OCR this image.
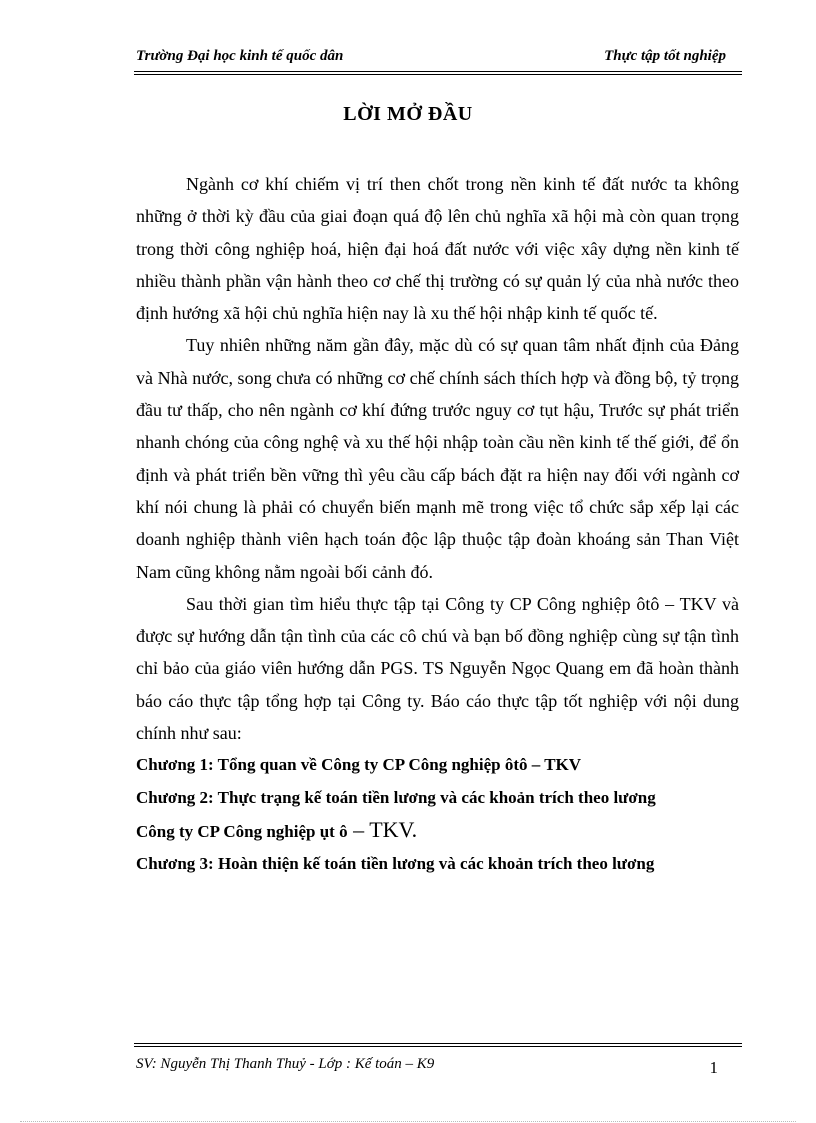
Trường Đại học kinh tế quốc dân	Thực tập tốt nghiệp
LỜI MỞ ĐẦU

Ngành cơ khí chiếm vị trí then chốt trong nền kinh tế đất nước ta không những ở thời kỳ đầu của giai đoạn quá độ lên chủ nghĩa xã hội mà còn quan trọng trong thời công nghiệp hoá, hiện đại hoá đất nước với việc xây dựng nền kinh tế nhiều thành phần vận hành theo cơ chế thị trường có sự quản lý của nhà nước theo định hướng xã hội chủ nghĩa hiện nay là xu thế hội nhập kinh tế quốc tế.

Tuy nhiên những năm gần đây, mặc dù có sự quan tâm nhất định của Đảng và Nhà nước, song chưa có những cơ chế chính sách thích hợp và đồng bộ, tỷ trọng đầu tư thấp, cho nên ngành cơ khí đứng trước nguy cơ tụt hậu, Trước sự phát triển nhanh chóng của công nghệ và xu thế hội nhập toàn cầu nền kinh tế thế giới, để ổn định và phát triển bền vững thì yêu cầu cấp bách đặt ra hiện nay đối với ngành cơ khí nói chung là phải có chuyển biến mạnh mẽ trong việc tổ chức sắp xếp lại các doanh nghiệp thành viên hạch toán độc lập thuộc tập đoàn khoáng sản Than Việt Nam cũng không nằm ngoài bối cảnh đó.

Sau thời gian tìm hiểu thực tập tại Công ty CP Công nghiệp ôtô – TKV và được sự hướng dẫn tận tình của các cô chú và bạn bố đồng nghiệp cùng sự tận tình chỉ bảo của giáo viên hướng dẫn PGS. TS Nguyễn Ngọc Quang em đã hoàn thành báo cáo thực tập tổng hợp tại Công ty. Báo cáo thực tập tốt nghiệp với nội dung chính như sau:

Chương 1: Tổng quan về Công ty CP Công nghiệp ôtô – TKV

Chương 2: Thực trạng kế toán tiền lương và các khoản trích theo lương

Công ty CP Công nghiệp ụt ô – TKV.

Chương 3: Hoàn thiện kế toán tiền lương và các khoản trích theo lương

SV: Nguyễn Thị Thanh Thuỷ - Lớp : Kế toán – K9	1
